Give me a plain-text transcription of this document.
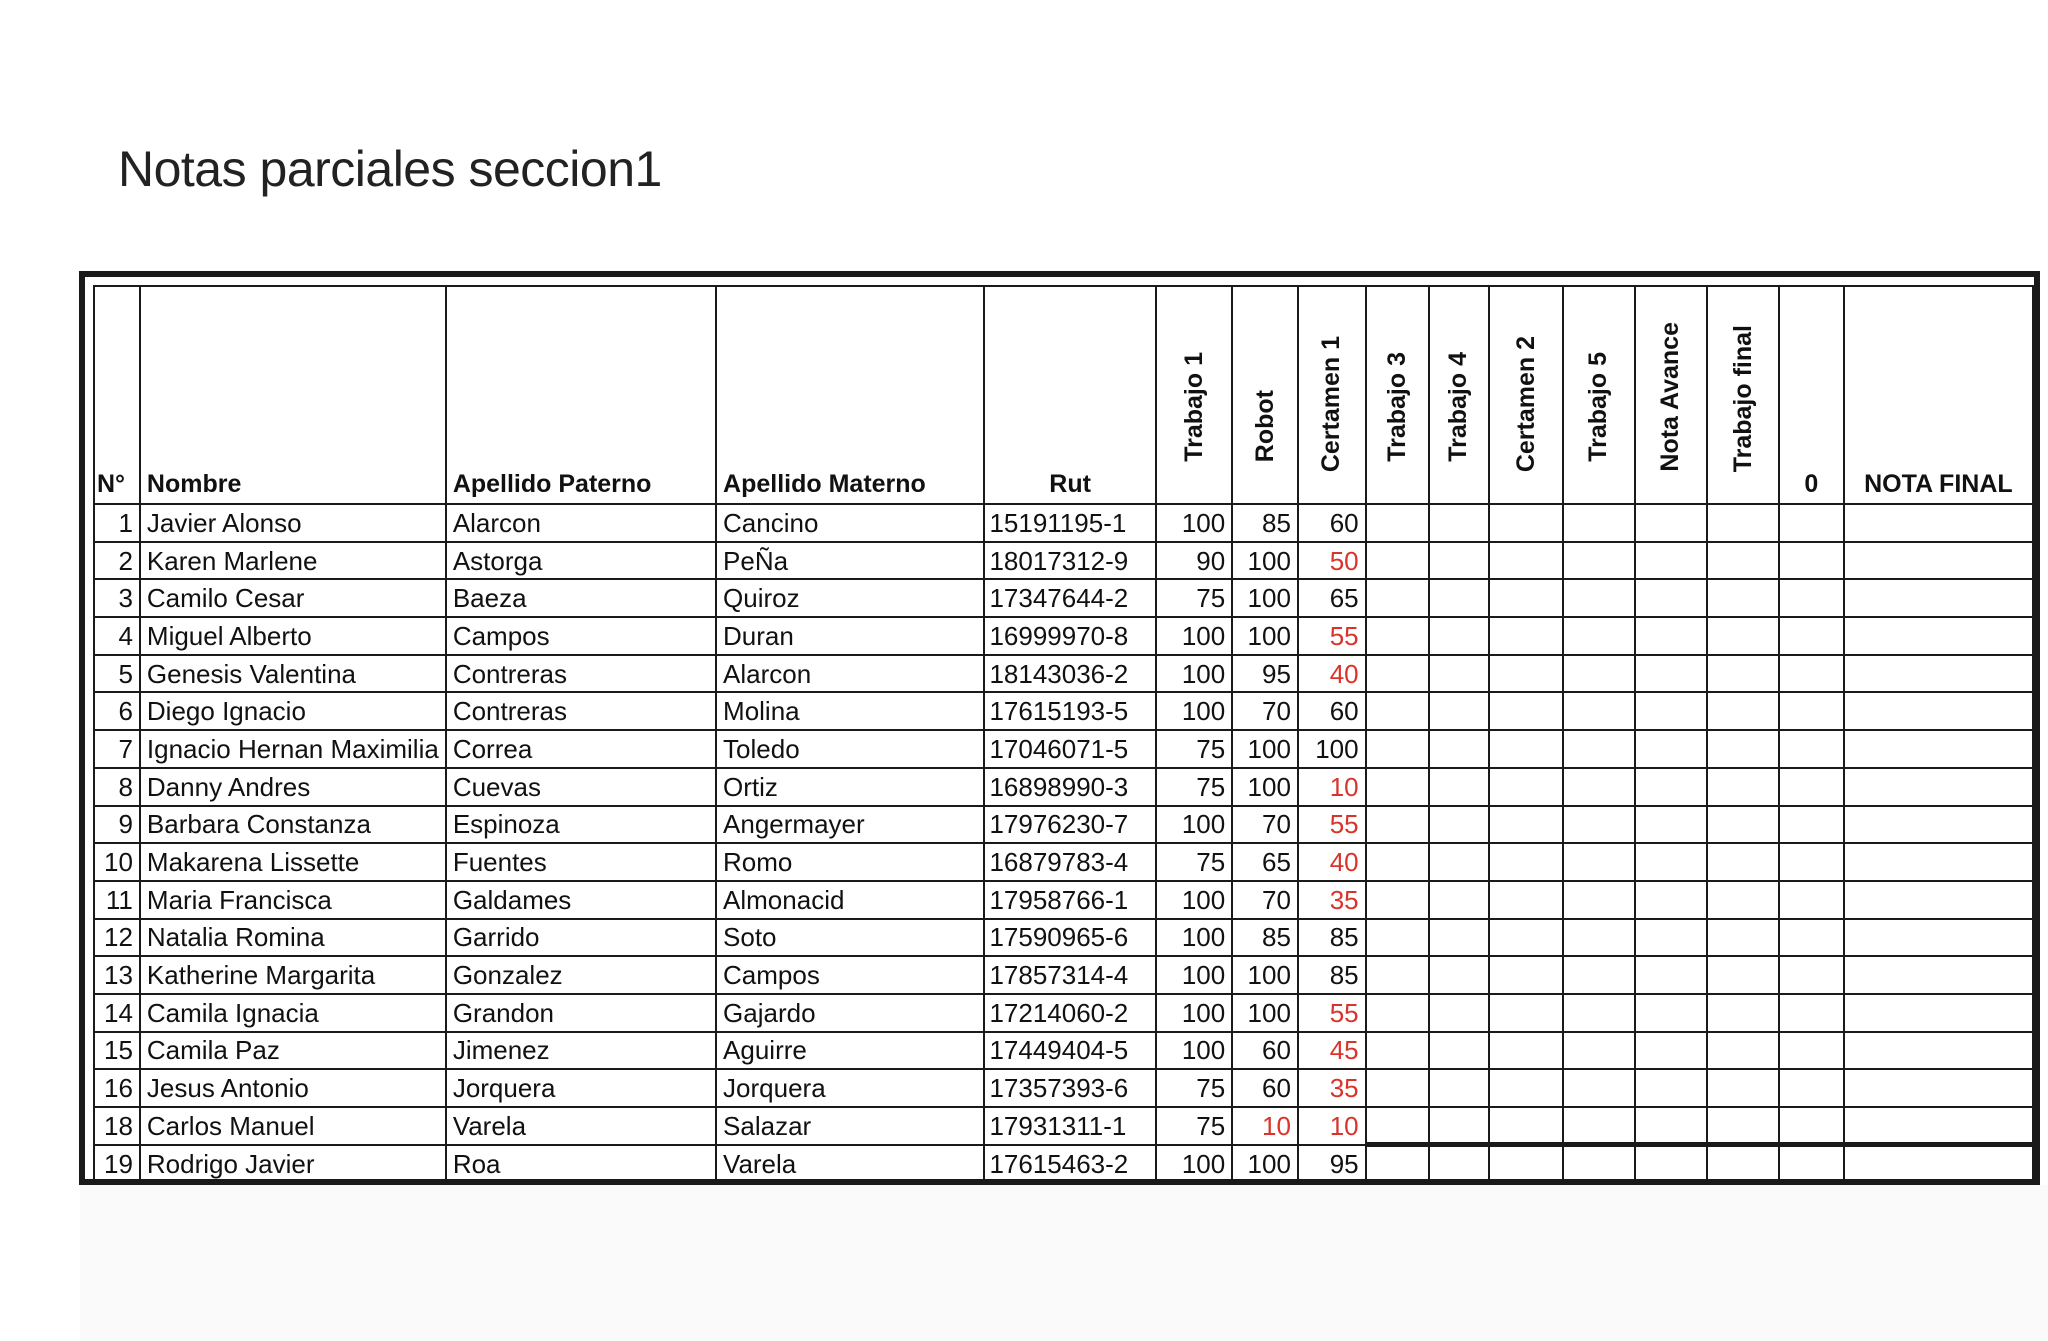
Notas parciales seccion1
N°	Nombre	Apellido Paterno	Apellido Materno	Rut	Trabajo 1	Robot	Certamen 1	Trabajo 3	Trabajo 4	Certamen 2	Trabajo 5	Nota Avance	Trabajo final	0	NOTA FINAL
1	Javier Alonso	Alarcon	Cancino	15191195-1	100	85	60								
2	Karen Marlene	Astorga	PeÑa	18017312-9	90	100	50								
3	Camilo Cesar	Baeza	Quiroz	17347644-2	75	100	65								
4	Miguel Alberto	Campos	Duran	16999970-8	100	100	55								
5	Genesis Valentina	Contreras	Alarcon	18143036-2	100	95	40								
6	Diego Ignacio	Contreras	Molina	17615193-5	100	70	60								
7	Ignacio Hernan Maximilia	Correa	Toledo	17046071-5	75	100	100								
8	Danny Andres	Cuevas	Ortiz	16898990-3	75	100	10								
9	Barbara Constanza	Espinoza	Angermayer	17976230-7	100	70	55								
10	Makarena Lissette	Fuentes	Romo	16879783-4	75	65	40								
11	Maria Francisca	Galdames	Almonacid	17958766-1	100	70	35								
12	Natalia Romina	Garrido	Soto	17590965-6	100	85	85								
13	Katherine Margarita	Gonzalez	Campos	17857314-4	100	100	85								
14	Camila Ignacia	Grandon	Gajardo	17214060-2	100	100	55								
15	Camila Paz	Jimenez	Aguirre	17449404-5	100	60	45								
16	Jesus Antonio	Jorquera	Jorquera	17357393-6	75	60	35								
18	Carlos Manuel	Varela	Salazar	17931311-1	75	10	10								
19	Rodrigo Javier	Roa	Varela	17615463-2	100	100	95								
